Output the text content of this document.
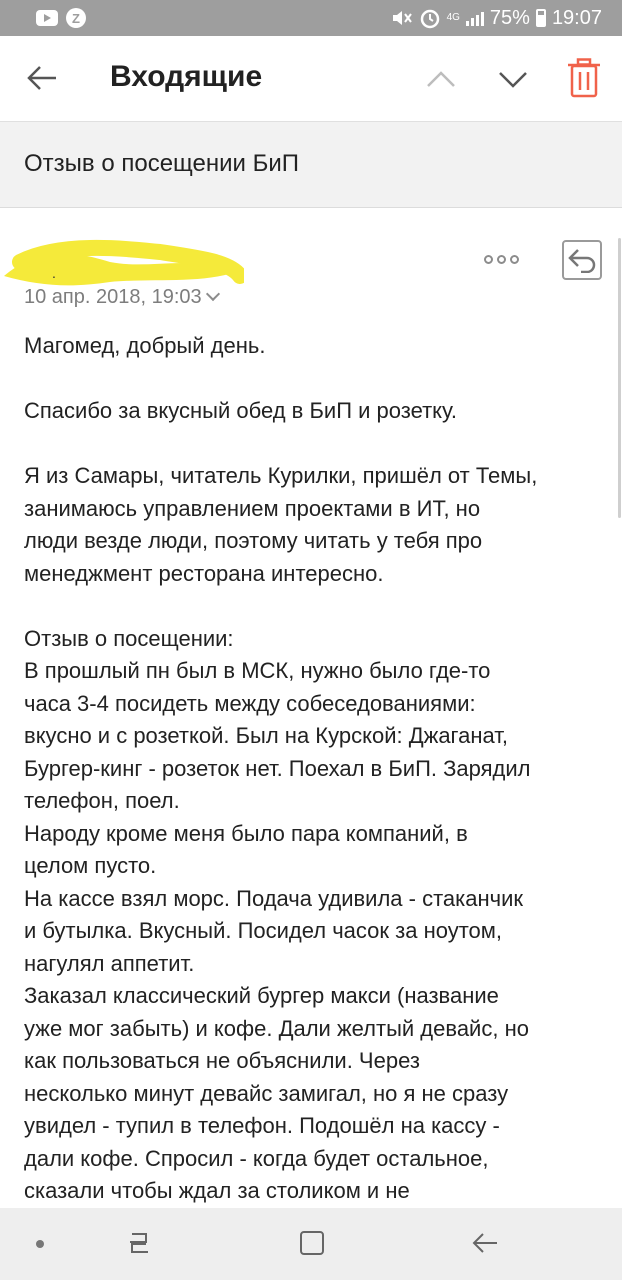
Z	4G 75% 19:07
Входящие
Отзыв о посещении БиП
.
10 апр. 2018, 19:03

Магомед, добрый день.

Спасибо за вкусный обед в БиП и розетку.

Я из Самары, читатель Курилки, пришёл от Темы,

занимаюсь управлением проектами в ИТ, но

люди везде люди, поэтому читать у тебя про

менеджмент ресторана интересно.

Отзыв о посещении:

В прошлый пн был в МСК, нужно было где-то

часа 3-4 посидеть между собеседованиями:

вкусно и с розеткой. Был на Курской: Джаганат,

Бургер-кинг - розеток нет. Поехал в БиП. Зарядил

телефон, поел.

Народу кроме меня было пара компаний, в

целом пусто.

На кассе взял морс. Подача удивила - стаканчик

и бутылка. Вкусный. Посидел часок за ноутом,

нагулял аппетит.

Заказал классический бургер макси (название

уже мог забыть) и кофе. Дали желтый девайс, но

как пользоваться не объяснили. Через

несколько минут девайс замигал, но я не сразу

увидел - тупил в телефон. Подошёл на кассу -

дали кофе. Спросил - когда будет остальное,

сказали чтобы ждал за столиком и не
